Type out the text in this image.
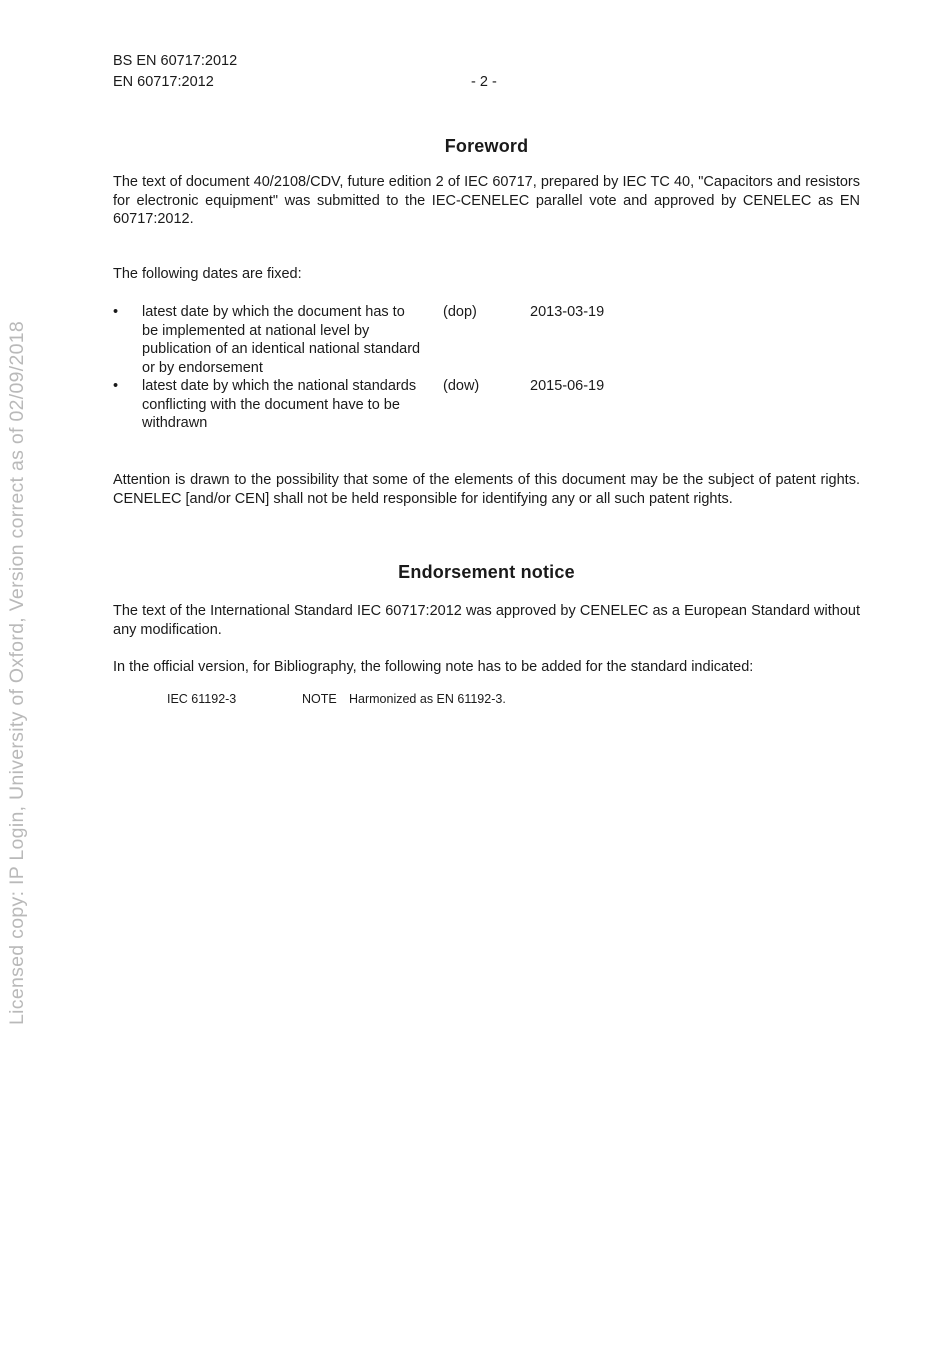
BS EN 60717:2012
EN 60717:2012	- 2 -
Foreword
The text of document 40/2108/CDV, future edition 2 of IEC 60717, prepared by IEC TC 40, "Capacitors and resistors for electronic equipment" was submitted to the IEC-CENELEC parallel vote and approved by CENELEC as EN 60717:2012.
The following dates are fixed:
• latest date by which the document has to be implemented at national level by publication of an identical national standard or by endorsement
(dop)	2013-03-19
• latest date by which the national standards conflicting with the document have to be withdrawn
(dow)	2015-06-19
Attention is drawn to the possibility that some of the elements of this document may be the subject of patent rights. CENELEC [and/or CEN] shall not be held responsible for identifying any or all such patent rights.
Endorsement notice
The text of the International Standard IEC 60717:2012 was approved by CENELEC as a European Standard without any modification.
In the official version, for Bibliography, the following note has to be added for the standard indicated:
IEC 61192-3	NOTE Harmonized as EN 61192-3.
Licensed copy: IP Login, University of Oxford, Version correct as of 02/09/2018
